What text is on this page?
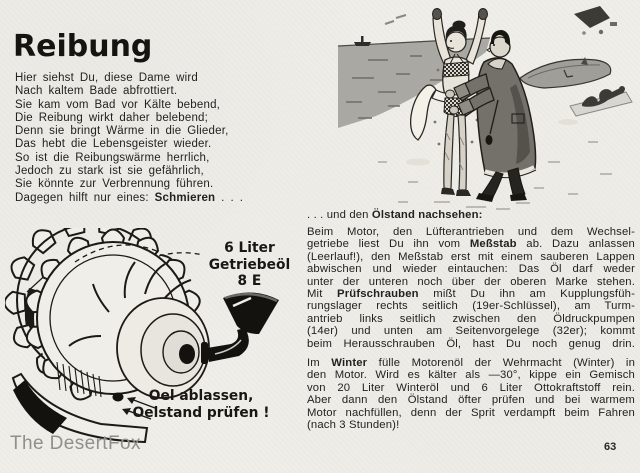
Reibung
Hier siehst Du, diese Dame wird
Nach kaltem Bade abfrottiert.
Sie kam vom Bad vor Kälte bebend,
Die Reibung wirkt daher belebend;
Denn sie bringt Wärme in die Glieder,
Das hebt die Lebensgeister wieder.
So ist die Reibungswärme herrlich,
Jedoch zu stark ist sie gefährlich,
Sie könnte zur Verbrennung führen.
Dagegen hilft nur eines: Schmieren . . .
. . . und den Ölstand nachsehen:
Beim Motor, den Lüfterantrieben und dem Wechsel-
getriebe liest Du ihn vom Meßstab ab. Dazu anlassen
(Leerlauf!), den Meßstab erst mit einem sauberen Lappen
abwischen und wieder eintauchen: Das Öl darf weder
unter der unteren noch über der oberen Marke stehen.
Mit Prüfschrauben mißt Du ihn am Kupplungsfüh-
rungslager rechts seitlich (19er-Schlüssel), am Turm-
antrieb links seitlich zwischen den Öldruckpumpen
(14er) und unten am Seitenvorgelege (32er); kommt
beim Herausschrauben Öl, hast Du noch genug drin.
Im Winter fülle Motorenöl der Wehrmacht (Winter) in
den Motor. Wird es kälter als —30°, kippe ein Gemisch
von 20 Liter Winteröl und 6 Liter Ottokraftstoff rein.
Aber dann den Ölstand öfter prüfen und bei warmem
Motor nachfüllen, denn der Sprit verdampft beim Fahren
(nach 3 Stunden)!
6 Liter
Getriebeöl
8 E
Oel ablassen,
Oelstand prüfen !
The DesertFox	63
